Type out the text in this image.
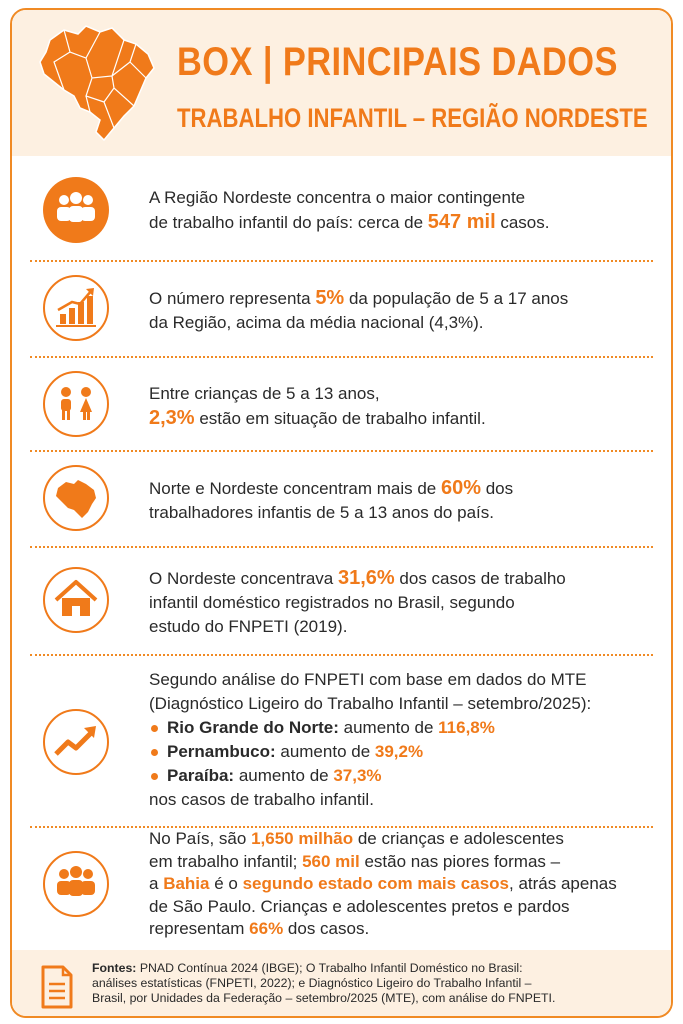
BOX | PRINCIPAIS DADOS
TRABALHO INFANTIL – REGIÃO NORDESTE
A Região Nordeste concentra o maior contingente
de trabalho infantil do país: cerca de 547 mil casos.
O número representa 5% da população de 5 a 17 anos
da Região, acima da média nacional (4,3%).
Entre crianças de 5 a 13 anos,
2,3% estão em situação de trabalho infantil.
Norte e Nordeste concentram mais de 60% dos
trabalhadores infantis de 5 a 13 anos do país.
O Nordeste concentrava 31,6% dos casos de trabalho
infantil doméstico registrados no Brasil, segundo
estudo do FNPETI (2019).
Segundo análise do FNPETI com base em dados do MTE
(Diagnóstico Ligeiro do Trabalho Infantil – setembro/2025):
Rio Grande do Norte: aumento de 116,8%
Pernambuco: aumento de 39,2%
Paraíba: aumento de 37,3%
nos casos de trabalho infantil.
No País, são 1,650 milhão de crianças e adolescentes
em trabalho infantil; 560 mil estão nas piores formas –
a Bahia é o segundo estado com mais casos, atrás apenas
de São Paulo. Crianças e adolescentes pretos e pardos
representam 66% dos casos.
Fontes: PNAD Contínua 2024 (IBGE); O Trabalho Infantil Doméstico no Brasil:
análises estatísticas (FNPETI, 2022); e Diagnóstico Ligeiro do Trabalho Infantil –
Brasil, por Unidades da Federação – setembro/2025 (MTE), com análise do FNPETI.
